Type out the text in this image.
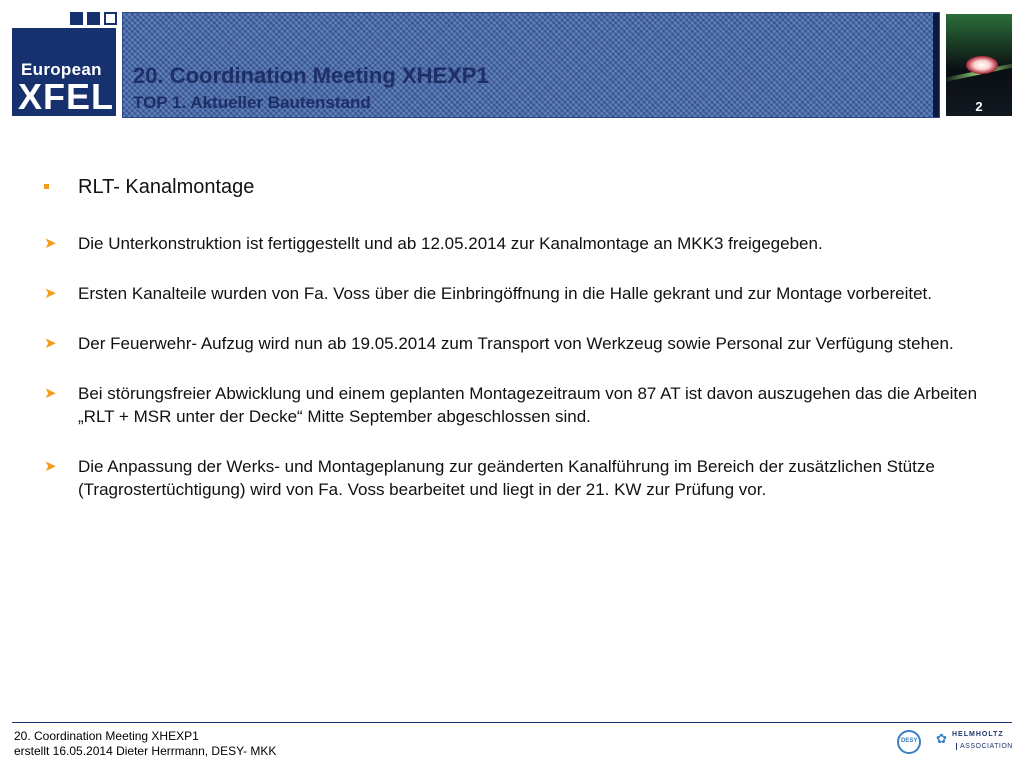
European
XFEL
20. Coordination Meeting XHEXP1
TOP 1. Aktueller Bautenstand	2
RLT- Kanalmontage
➤ Die Unterkonstruktion ist fertiggestellt und ab 12.05.2014 zur Kanalmontage an MKK3 freigegeben.
➤ Ersten Kanalteile wurden von Fa. Voss über die Einbringöffnung in die Halle gekrant und zur Montage vorbereitet.
➤ Der Feuerwehr- Aufzug wird nun ab 19.05.2014 zum Transport von Werkzeug sowie Personal zur Verfügung stehen.
➤ Bei störungsfreier Abwicklung und einem geplanten Montagezeitraum von 87 AT ist davon auszugehen das die Arbeiten „RLT + MSR unter der Decke“ Mitte September abgeschlossen sind.
➤ Die Anpassung der Werks- und Montageplanung zur geänderten Kanalführung im Bereich der zusätzlichen Stütze (Tragrostertüchtigung) wird von Fa. Voss bearbeitet und liegt in der 21. KW zur Prüfung vor.
20. Coordination Meeting XHEXP1
erstellt 16.05.2014 Dieter Herrmann, DESY- MKK
DESY ✿ HELMHOLTZ
ASSOCIATION
